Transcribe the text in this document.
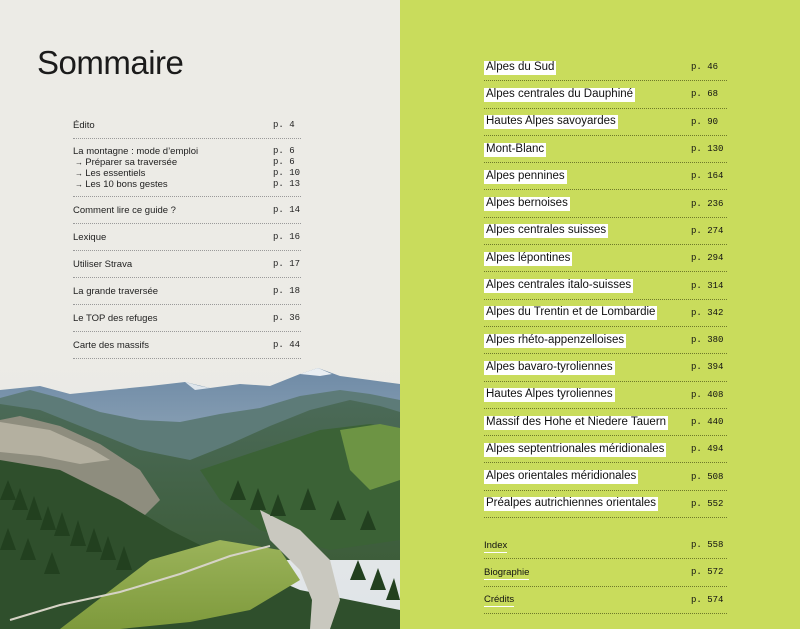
Sommaire
Édito	p. 4
La montagne : mode d’emploi	p. 6
→ Préparer sa traversée	p. 6
→ Les essentiels	p. 10
→ Les 10 bons gestes	p. 13
Comment lire ce guide ?	p. 14
Lexique	p. 16
Utiliser Strava	p. 17
La grande traversée	p. 18
Le TOP des refuges	p. 36
Carte des massifs	p. 44
Alpes du Sud	p. 46
Alpes centrales du Dauphiné	p. 68
Hautes Alpes savoyardes	p. 90
Mont-Blanc	p. 130
Alpes pennines	p. 164
Alpes bernoises	p. 236
Alpes centrales suisses	p. 274
Alpes lépontines	p. 294
Alpes centrales italo-suisses	p. 314
Alpes du Trentin et de Lombardie	p. 342
Alpes rhéto-appenzelloises	p. 380
Alpes bavaro-tyroliennes	p. 394
Hautes Alpes tyroliennes	p. 408
Massif des Hohe et Niedere Tauern	p. 440
Alpes septentrionales méridionales	p. 494
Alpes orientales méridionales	p. 508
Préalpes autrichiennes orientales	p. 552
Index	p. 558
Biographie	p. 572
Crédits	p. 574
